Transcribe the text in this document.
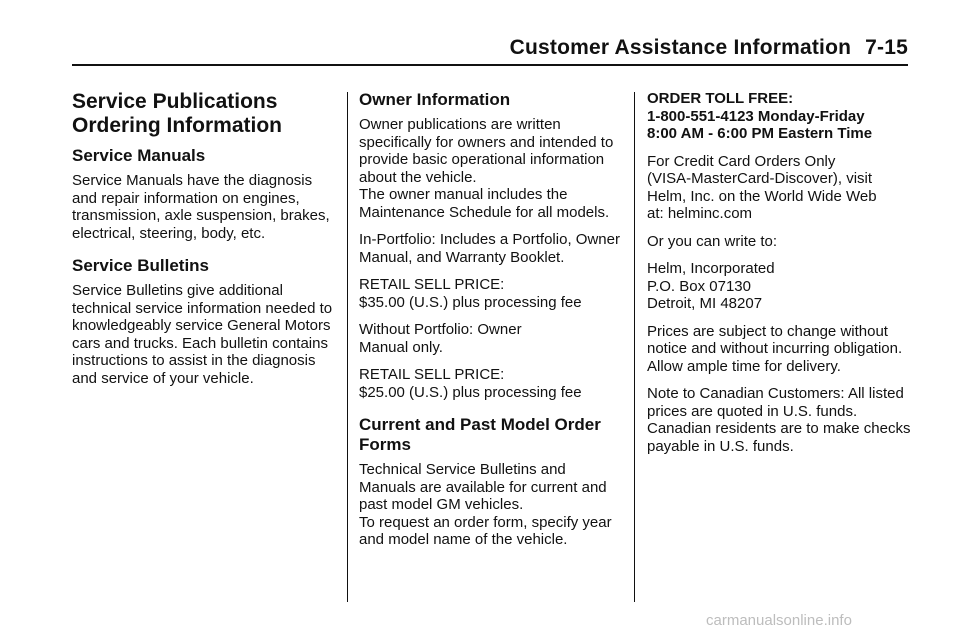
Customer Assistance Information 7-15
Service Publications
Ordering Information
Service Manuals
Service Manuals have the diagnosis and repair information on engines, transmission, axle suspension, brakes, electrical, steering, body, etc.
Service Bulletins
Service Bulletins give additional technical service information needed to knowledgeably service General Motors cars and trucks. Each bulletin contains instructions to assist in the diagnosis and service of your vehicle.
Owner Information
Owner publications are written specifically for owners and intended to provide basic operational information about the vehicle.
The owner manual includes the Maintenance Schedule for all models.
In-Portfolio: Includes a Portfolio, Owner Manual, and Warranty Booklet.
RETAIL SELL PRICE:
$35.00 (U.S.) plus processing fee
Without Portfolio: Owner Manual only.
RETAIL SELL PRICE:
$25.00 (U.S.) plus processing fee
Current and Past Model Order Forms
Technical Service Bulletins and Manuals are available for current and past model GM vehicles.
To request an order form, specify year and model name of the vehicle.
ORDER TOLL FREE:
1-800-551-4123 Monday-Friday
8:00 AM - 6:00 PM Eastern Time
For Credit Card Orders Only (VISA-MasterCard-Discover), visit Helm, Inc. on the World Wide Web at: helminc.com
Or you can write to:
Helm, Incorporated
P.O. Box 07130
Detroit, MI 48207
Prices are subject to change without notice and without incurring obligation. Allow ample time for delivery.
Note to Canadian Customers: All listed prices are quoted in U.S. funds. Canadian residents are to make checks payable in U.S. funds.
carmanualsonline.info
